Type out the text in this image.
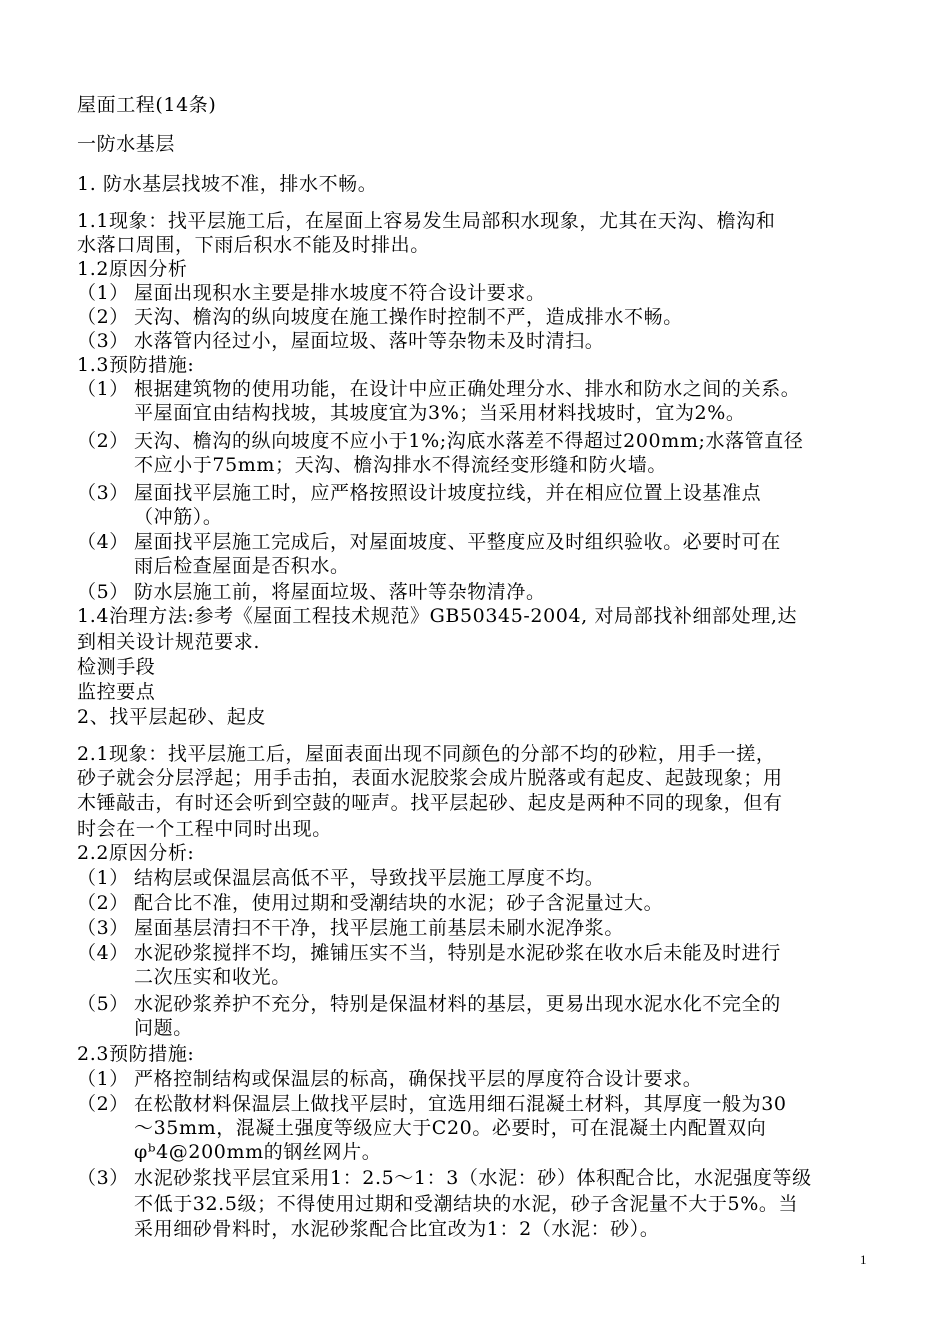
屋面工程(14条)
一防水基层
1. 防水基层找坡不准，排水不畅。
1.1现象：找平层施工后，在屋面上容易发生局部积水现象，尤其在天沟、檐沟和
水落口周围，下雨后积水不能及时排出。
1.2原因分析
（1） 屋面出现积水主要是排水坡度不符合设计要求。
（2） 天沟、檐沟的纵向坡度在施工操作时控制不严，造成排水不畅。
（3） 水落管内径过小，屋面垃圾、落叶等杂物未及时清扫。
1.3预防措施:
（1） 根据建筑物的使用功能，在设计中应正确处理分水、排水和防水之间的关系。
平屋面宜由结构找坡，其坡度宜为3%；当采用材料找坡时，宜为2%。
（2） 天沟、檐沟的纵向坡度不应小于1%;沟底水落差不得超过200mm;水落管直径
不应小于75mm；天沟、檐沟排水不得流经变形缝和防火墙。
（3） 屋面找平层施工时，应严格按照设计坡度拉线，并在相应位置上设基准点
（冲筋）。
（4） 屋面找平层施工完成后，对屋面坡度、平整度应及时组织验收。必要时可在
雨后检查屋面是否积水。
（5） 防水层施工前，将屋面垃圾、落叶等杂物清净。
1.4治理方法:参考《屋面工程技术规范》GB50345-2004, 对局部找补细部处理,达
到相关设计规范要求.
检测手段
监控要点
2、找平层起砂、起皮
2.1现象：找平层施工后，屋面表面出现不同颜色的分部不均的砂粒，用手一搓，
砂子就会分层浮起；用手击拍，表面水泥胶浆会成片脱落或有起皮、起鼓现象；用
木锤敲击，有时还会听到空鼓的哑声。找平层起砂、起皮是两种不同的现象，但有
时会在一个工程中同时出现。
2.2原因分析:
（1） 结构层或保温层高低不平，导致找平层施工厚度不均。
（2） 配合比不准，使用过期和受潮结块的水泥；砂子含泥量过大。
（3） 屋面基层清扫不干净，找平层施工前基层未刷水泥净浆。
（4） 水泥砂浆搅拌不均，摊铺压实不当，特别是水泥砂浆在收水后未能及时进行
二次压实和收光。
（5） 水泥砂浆养护不充分，特别是保温材料的基层，更易出现水泥水化不完全的
问题。
2.3预防措施:
（1） 严格控制结构或保温层的标高，确保找平层的厚度符合设计要求。
（2） 在松散材料保温层上做找平层时，宜选用细石混凝土材料，其厚度一般为30
～35mm，混凝土强度等级应大于C20。必要时，可在混凝土内配置双向
φᵇ4@200mm的钢丝网片。
（3） 水泥砂浆找平层宜采用1：2.5～1：3（水泥：砂）体积配合比，水泥强度等级
不低于32.5级；不得使用过期和受潮结块的水泥，砂子含泥量不大于5%。当
采用细砂骨料时，水泥砂浆配合比宜改为1：2（水泥：砂）。
1
